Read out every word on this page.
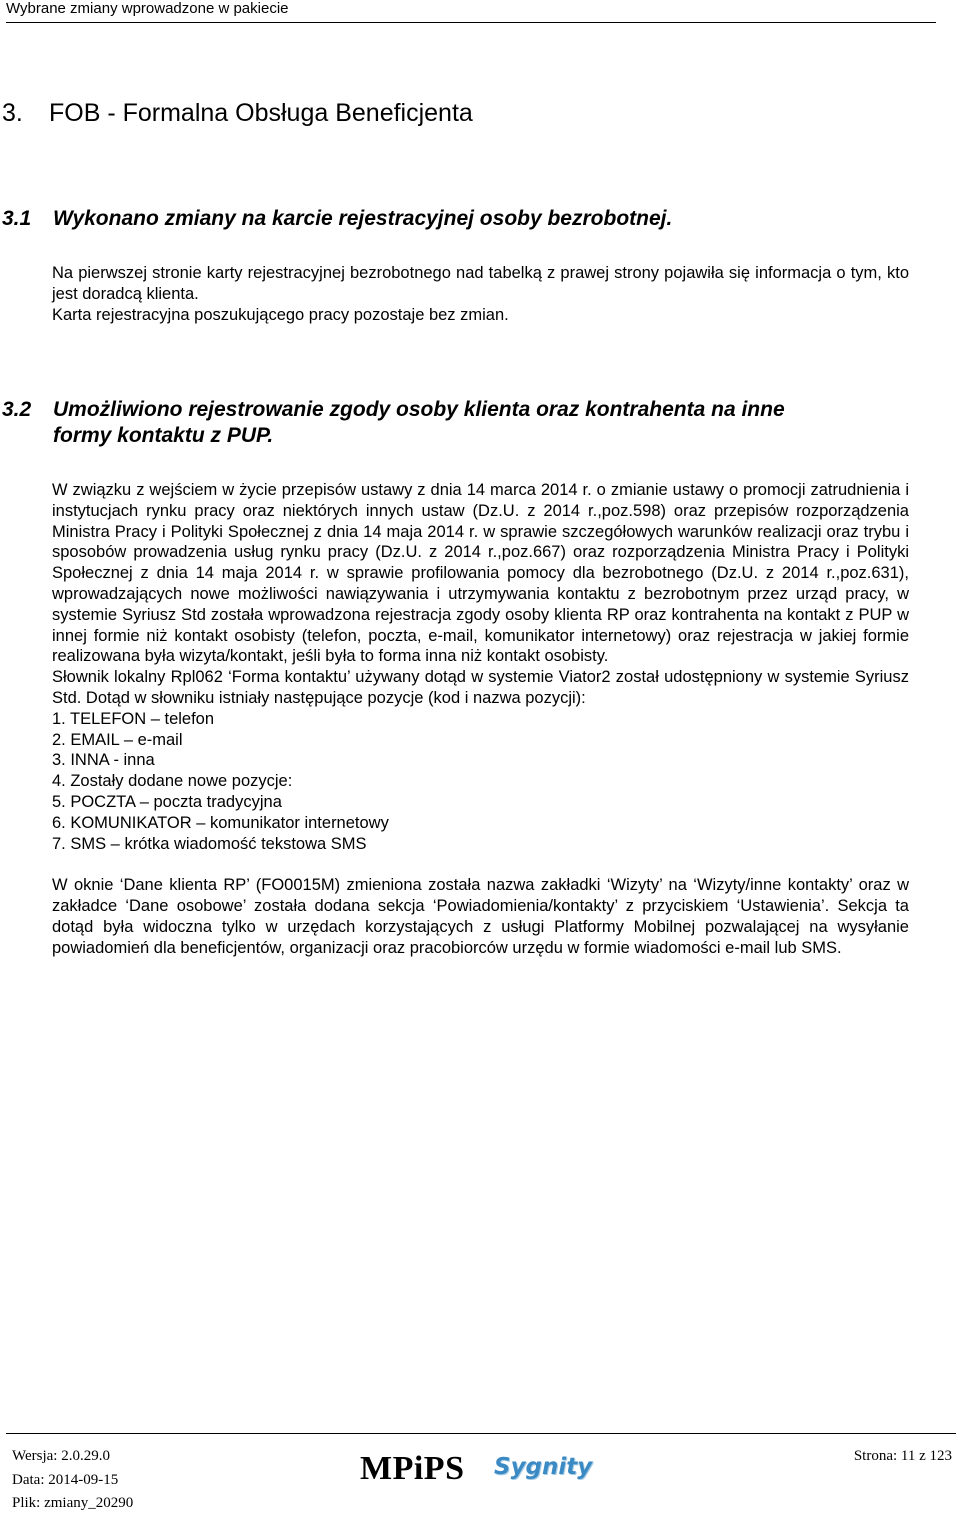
Wybrane zmiany wprowadzone w pakiecie
3. FOB - Formalna Obsługa Beneficjenta
3.1 Wykonano zmiany na karcie rejestracyjnej osoby bezrobotnej.

Na pierwszej stronie karty rejestracyjnej bezrobotnego nad tabelką z prawej strony pojawiła się informacja o tym, kto jest doradcą klienta.

Karta rejestracyjna poszukującego pracy pozostaje bez zmian.

3.2 Umożliwiono rejestrowanie zgody osoby klienta oraz kontrahenta na inne
formy kontaktu z PUP.

W związku z wejściem w życie przepisów ustawy z dnia 14 marca 2014 r. o zmianie ustawy o promocji zatrudnienia i instytucjach rynku pracy oraz niektórych innych ustaw (Dz.U. z 2014 r.,poz.598) oraz przepisów rozporządzenia Ministra Pracy i Polityki Społecznej z dnia 14 maja 2014 r. w sprawie szczegółowych warunków realizacji oraz trybu i sposobów prowadzenia usług rynku pracy (Dz.U. z 2014 r.,poz.667) oraz rozporządzenia Ministra Pracy i Polityki Społecznej z dnia 14 maja 2014 r. w sprawie profilowania pomocy dla bezrobotnego (Dz.U. z 2014 r.,poz.631), wprowadzających nowe możliwości nawiązywania i utrzymywania kontaktu z bezrobotnym przez urząd pracy, w systemie Syriusz Std została wprowadzona rejestracja zgody osoby klienta RP oraz kontrahenta na kontakt z PUP w innej formie niż kontakt osobisty (telefon, poczta, e-mail, komunikator internetowy) oraz rejestracja w jakiej formie realizowana była wizyta/kontakt, jeśli była to forma inna niż kontakt osobisty.

Słownik lokalny Rpl062 ‘Forma kontaktu’ używany dotąd w systemie Viator2 został udostępniony w systemie Syriusz Std. Dotąd w słowniku istniały następujące pozycje (kod i nazwa pozycji):

1. TELEFON – telefon
2. EMAIL – e-mail
3. INNA - inna
4. Zostały dodane nowe pozycje:
5. POCZTA – poczta tradycyjna
6. KOMUNIKATOR – komunikator internetowy
7. SMS – krótka wiadomość tekstowa SMS

W oknie ‘Dane klienta RP’ (FO0015M) zmieniona została nazwa zakładki ‘Wizyty’ na ‘Wizyty/inne kontakty’ oraz w zakładce ‘Dane osobowe’ została dodana sekcja ‘Powiadomienia/kontakty’ z przyciskiem ‘Ustawienia’. Sekcja ta dotąd była widoczna tylko w urzędach korzystających z usługi Platformy Mobilnej pozwalającej na wysyłanie powiadomień dla beneficjentów, organizacji oraz pracobiorców urzędu w formie wiadomości e-mail lub SMS.

Wersja: 2.0.29.0
Data: 2014-09-15
Plik: zmiany_20290
MPiPS Sygnity	Strona: 11 z 123
